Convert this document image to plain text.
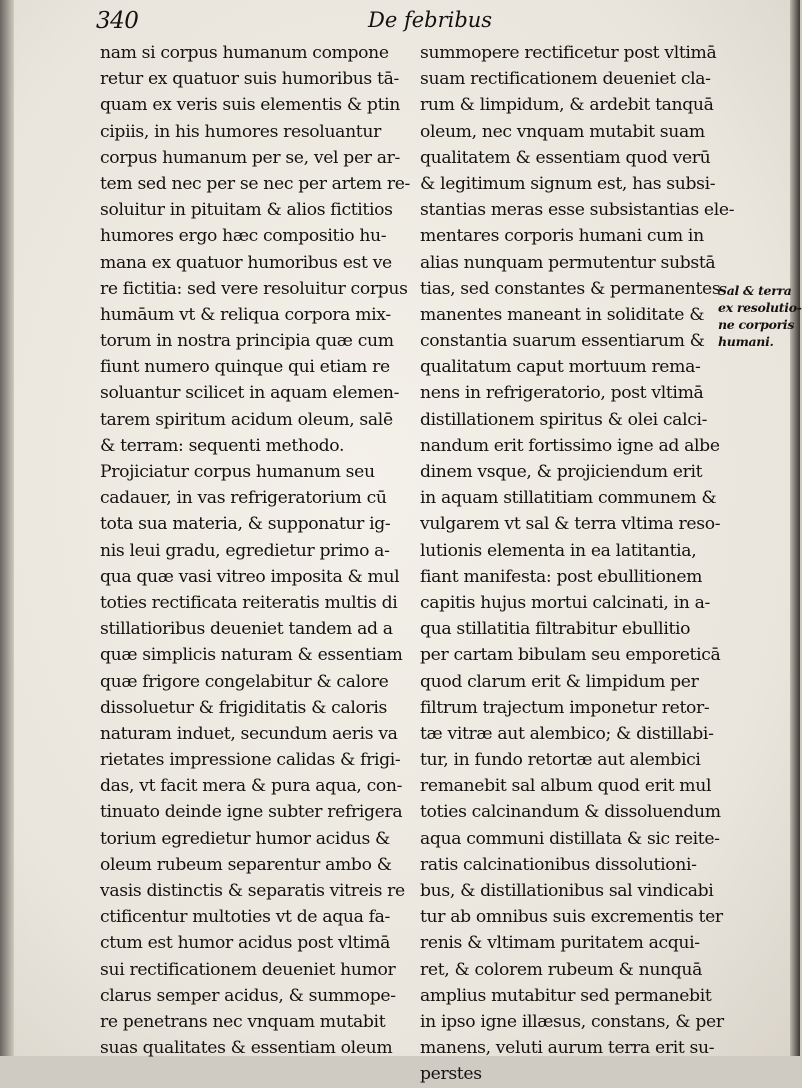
340	De febribus
nam si corpus humanum compone
retur ex quatuor suis humoribus tā-
quam ex veris suis elementis & ptin
cipiis, in his humores resoluantur
corpus humanum per se, vel per ar-
tem sed nec per se nec per artem re-
soluitur in pituitam & alios fictitios
humores ergo hæc compositio hu-
mana ex quatuor humoribus est ve
re fictitia: sed vere resoluitur corpus
humāum vt & reliqua corpora mix-
torum in nostra principia quæ cum
fiunt numero quinque qui etiam re
soluantur scilicet in aquam elemen-
tarem spiritum acidum oleum, salē
& terram: sequenti methodo.
Projiciatur corpus humanum seu
cadauer, in vas refrigeratorium cū
tota sua materia, & supponatur ig-
nis leui gradu, egredietur primo a-
qua quæ vasi vitreo imposita & mul
toties rectificata reiteratis multis di
stillatioribus deueniet tandem ad a
quæ simplicis naturam & essentiam
quæ frigore congelabitur & calore
dissoluetur & frigiditatis & caloris
naturam induet, secundum aeris va
rietates impressione calidas & frigi-
das, vt facit mera & pura aqua, con-
tinuato deinde igne subter refrigera
torium egredietur humor acidus &
oleum rubeum separentur ambo &
vasis distinctis & separatis vitreis re
ctificentur multoties vt de aqua fa-
ctum est humor acidus post vltimā
sui rectificationem deueniet humor
clarus semper acidus, & summope-
re penetrans nec vnquam mutabit
suas qualitates & essentiam oleum
summopere rectificetur post vltimā
suam rectificationem deueniet cla-
rum & limpidum, & ardebit tanquā
oleum, nec vnquam mutabit suam
qualitatem & essentiam quod verū
& legitimum signum est, has subsi-
stantias meras esse subsistantias ele-
mentares corporis humani cum in
alias nunquam permutentur substā
tias, sed constantes & permanentes
manentes maneant in soliditate &
constantia suarum essentiarum &
qualitatum caput mortuum rema-
nens in refrigeratorio, post vltimā
distillationem spiritus & olei calci-
nandum erit fortissimo igne ad albe
dinem vsque, & projiciendum erit
in aquam stillatitiam communem &
vulgarem vt sal & terra vltima reso-
lutionis elementa in ea latitantia,
fiant manifesta: post ebullitionem
capitis hujus mortui calcinati, in a-
qua stillatitia filtrabitur ebullitio
per cartam bibulam seu emporeticā
quod clarum erit & limpidum per
filtrum trajectum imponetur retor-
tæ vitræ aut alembico; & distillabi-
tur, in fundo retortæ aut alembici
remanebit sal album quod erit mul
toties calcinandum & dissoluendum
aqua communi distillata & sic reite-
ratis calcinationibus dissolutioni-
bus, & distillationibus sal vindicabi
tur ab omnibus suis excrementis ter
renis & vltimam puritatem acqui-
ret, & colorem rubeum & nunquā
amplius mutabitur sed permanebit
in ipso igne illæsus, constans, & per
manens, veluti aurum terra erit su-
perstes
Sal & terra
ex resolutio-
ne corporis
humani.
